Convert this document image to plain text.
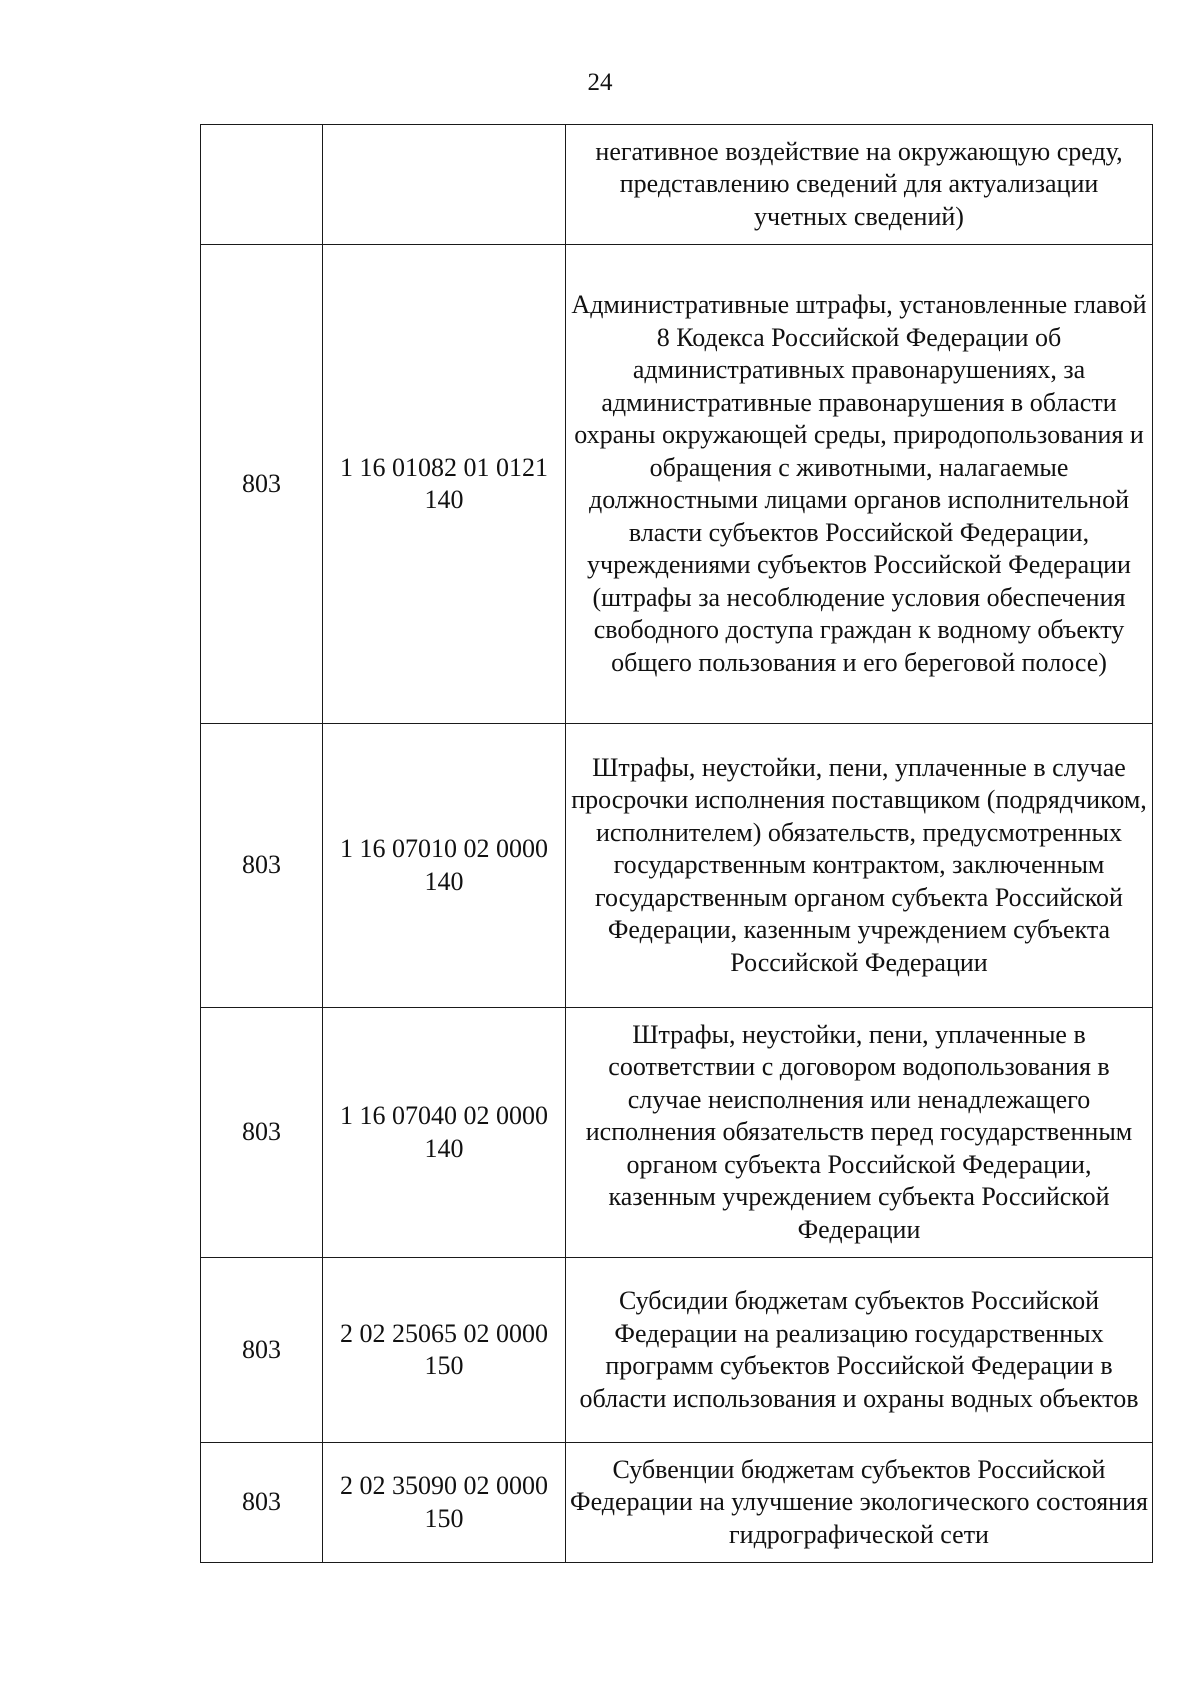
24
		негативное воздействие на окружающую среду, представлению сведений для актуализации учетных сведений)
803	1 16 01082 01 0121 140	Административные штрафы, установленные главой 8 Кодекса Российской Федерации об административных правонарушениях, за административные правонарушения в области охраны окружающей среды, природопользования и обращения с животными, налагаемые должностными лицами органов исполнительной власти субъектов Российской Федерации, учреждениями субъектов Российской Федерации (штрафы за несоблюдение условия обеспечения свободного доступа граждан к водному объекту общего пользования и его береговой полосе)
803	1 16 07010 02 0000 140	Штрафы, неустойки, пени, уплаченные в случае просрочки исполнения поставщиком (подрядчиком, исполнителем) обязательств, предусмотренных государственным контрактом, заключенным государственным органом субъекта Российской Федерации, казенным учреждением субъекта Российской Федерации
803	1 16 07040 02 0000 140	Штрафы, неустойки, пени, уплаченные в соответствии с договором водопользования в случае неисполнения или ненадлежащего исполнения обязательств перед государственным органом субъекта Российской Федерации, казенным учреждением субъекта Российской Федерации
803	2 02 25065 02 0000 150	Субсидии бюджетам субъектов Российской Федерации на реализацию государственных программ субъектов Российской Федерации в области использования и охраны водных объектов
803	2 02 35090 02 0000 150	Субвенции бюджетам субъектов Российской Федерации на улучшение экологического состояния гидрографической сети
